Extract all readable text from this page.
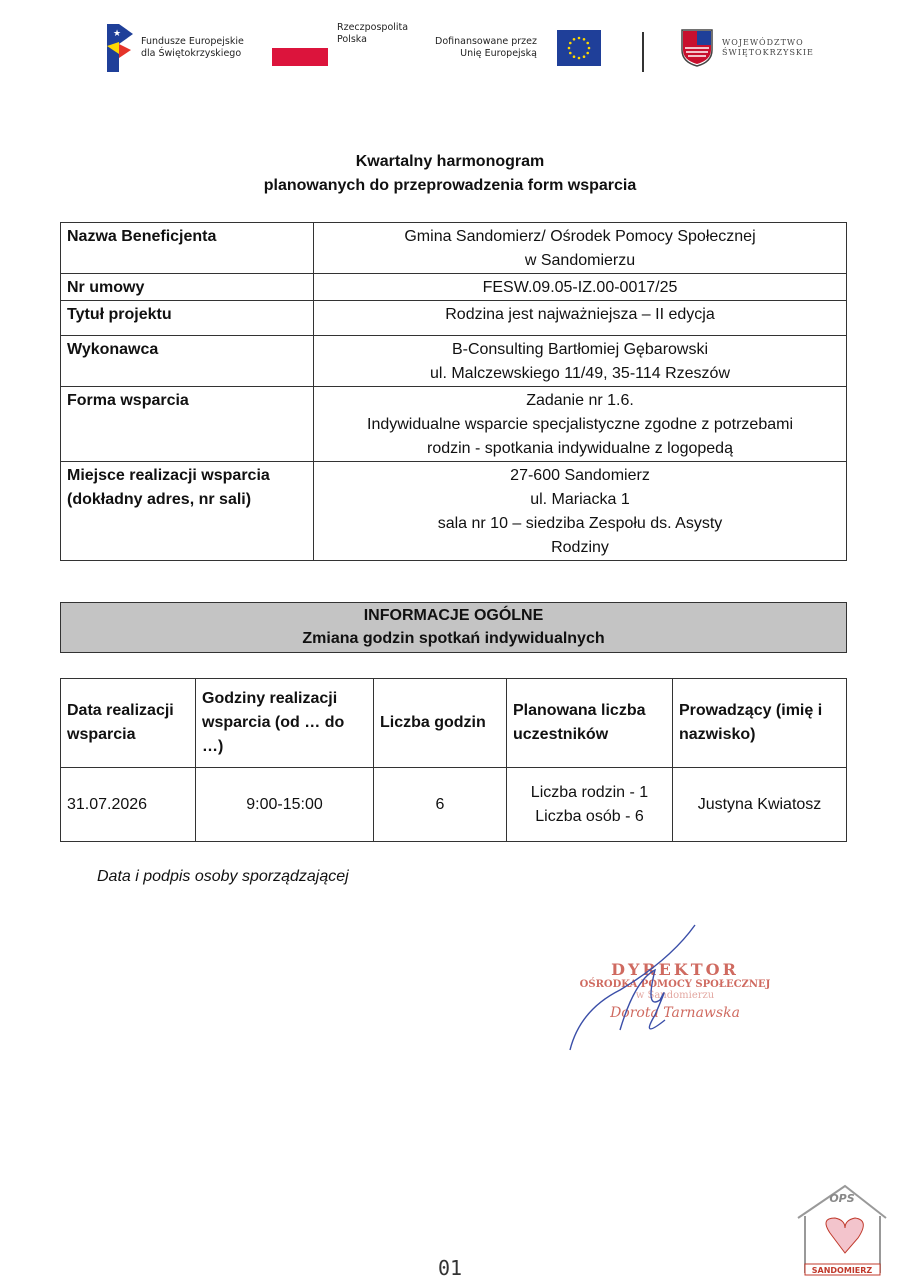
★
Fundusze Europejskie
dla Świętokrzyskiego
Rzeczpospolita
Polska	Dofinansowane przez
Unię Europejską
WOJEWÓDZTWO
ŚWIĘTOKRZYSKIE
Kwartalny harmonogram
planowanych do przeprowadzenia form wsparcia
Nazwa Beneficjenta	Gmina Sandomierz/ Ośrodek Pomocy Społecznej
w Sandomierzu

Nr umowy	FESW.09.05-IZ.00-0017/25

Tytuł projektu	Rodzina jest najważniejsza – II edycja

Wykonawca	B-Consulting Bartłomiej Gębarowski
ul. Malczewskiego 11/49, 35-114 Rzeszów

Forma wsparcia	Zadanie nr 1.6.
Indywidualne wsparcie specjalistyczne zgodne z potrzebami
rodzin - spotkania indywidualne z logopedą

Miejsce realizacji wsparcia (dokładny adres, nr sali)	27-600 Sandomierz
ul. Mariacka 1
sala nr 10 – siedziba Zespołu ds. Asysty
Rodziny
INFORMACJE OGÓLNE
Zmiana godzin spotkań indywidualnych
Data realizacji wsparcia	Godziny realizacji wsparcia (od … do …)	Liczba godzin	Planowana liczba uczestników	Prowadzący (imię i nazwisko)
31.07.2026	9:00-15:00	6	Liczba rodzin - 1
Liczba osób - 6	Justyna Kwiatosz
Data i podpis osoby sporządzającej
DYREKTOR
OŚRODKA POMOCY SPOŁECZNEJ
w Sandomierzu
Dorota Tarnawska
OPS
SANDOMIERZ
01
